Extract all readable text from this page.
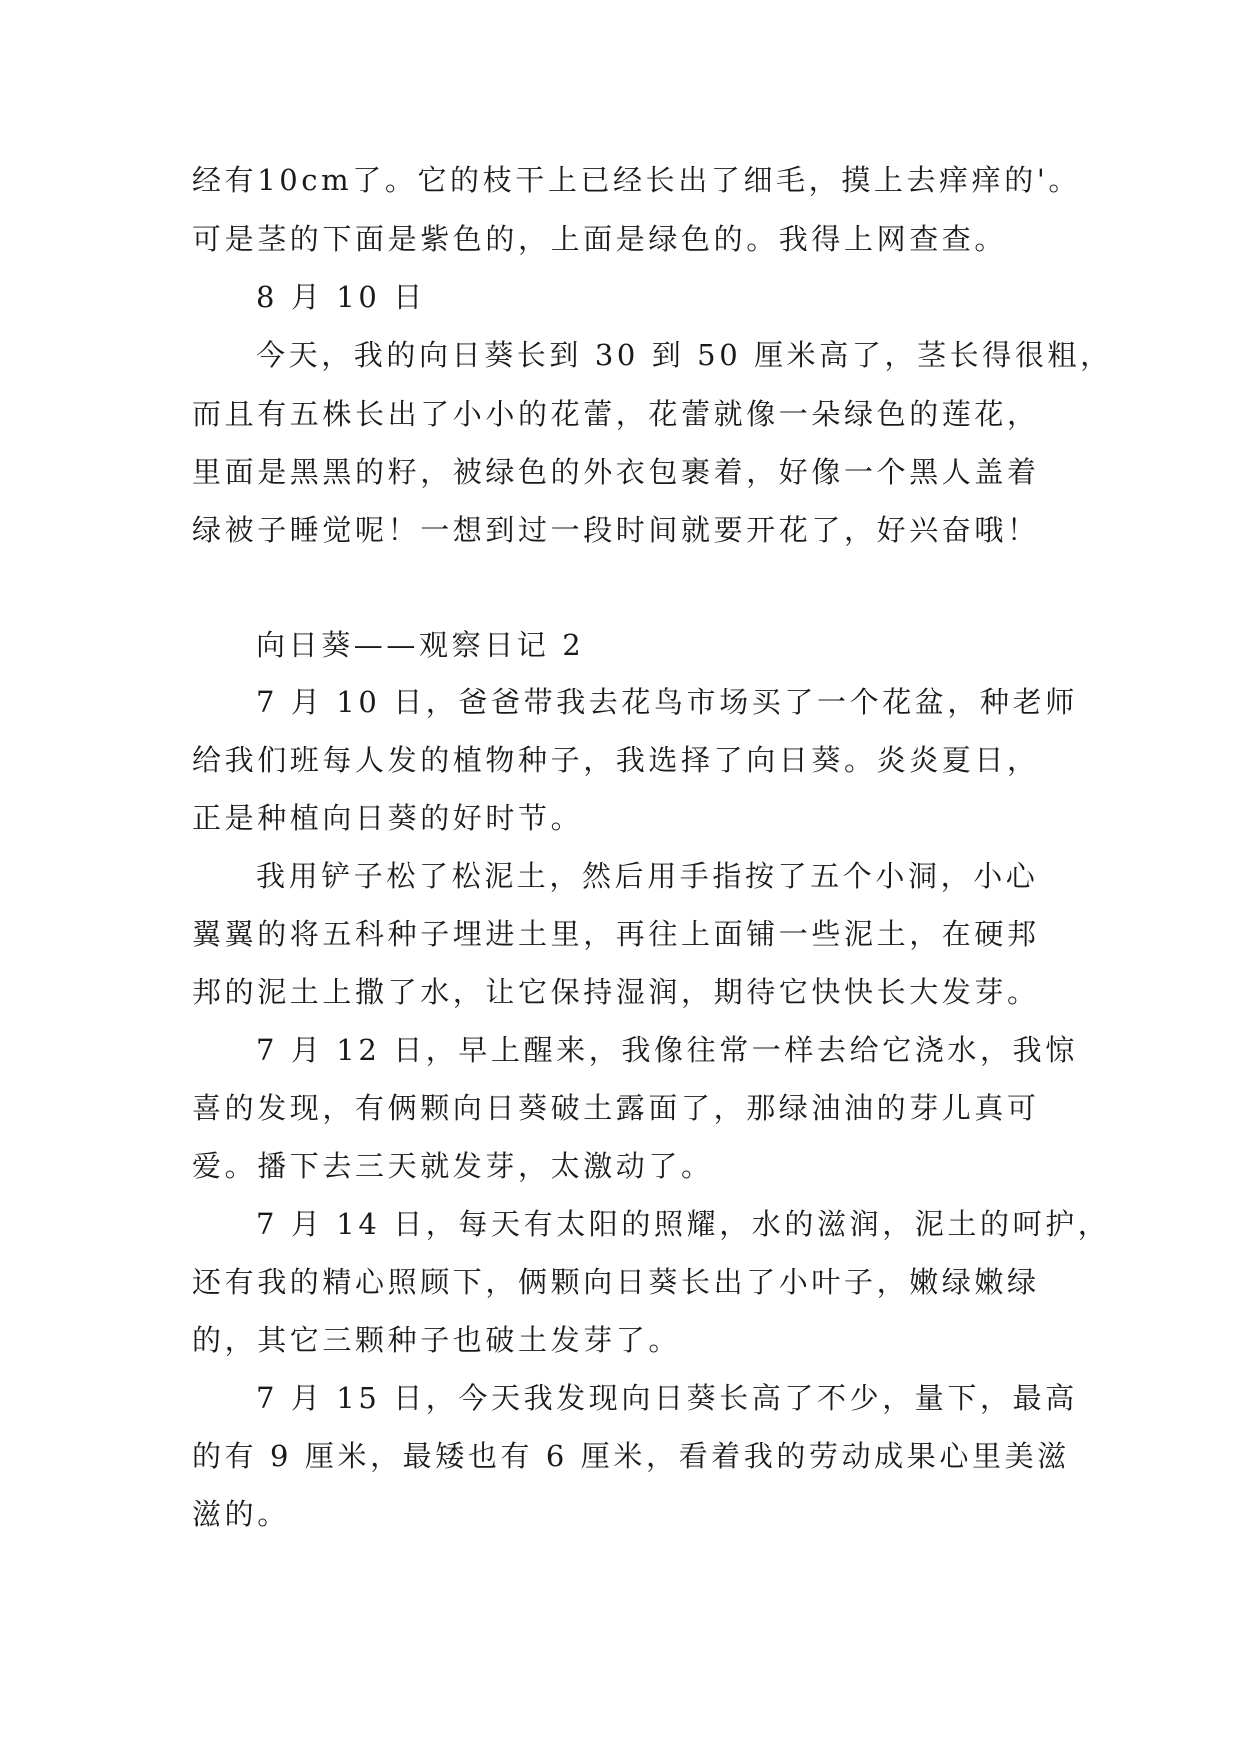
经有10cm了。它的枝干上已经长出了细毛，摸上去痒痒的'。
可是茎的下面是紫色的，上面是绿色的。我得上网查查。
8 月 10 日
今天，我的向日葵长到 30 到 50 厘米高了，茎长得很粗，
而且有五株长出了小小的花蕾，花蕾就像一朵绿色的莲花，
里面是黑黑的籽，被绿色的外衣包裹着，好像一个黑人盖着
绿被子睡觉呢！一想到过一段时间就要开花了，好兴奋哦！
向日葵——观察日记 2
7 月 10 日，爸爸带我去花鸟市场买了一个花盆，种老师
给我们班每人发的植物种子，我选择了向日葵。炎炎夏日，
正是种植向日葵的好时节。
我用铲子松了松泥土，然后用手指按了五个小洞，小心
翼翼的将五科种子埋进土里，再往上面铺一些泥土，在硬邦
邦的泥土上撒了水，让它保持湿润，期待它快快长大发芽。
7 月 12 日，早上醒来，我像往常一样去给它浇水，我惊
喜的发现，有俩颗向日葵破土露面了，那绿油油的芽儿真可
爱。播下去三天就发芽，太激动了。
7 月 14 日，每天有太阳的照耀，水的滋润，泥土的呵护，
还有我的精心照顾下，俩颗向日葵长出了小叶子，嫩绿嫩绿
的，其它三颗种子也破土发芽了。
7 月 15 日，今天我发现向日葵长高了不少，量下，最高
的有 9 厘米，最矮也有 6 厘米，看着我的劳动成果心里美滋
滋的。
